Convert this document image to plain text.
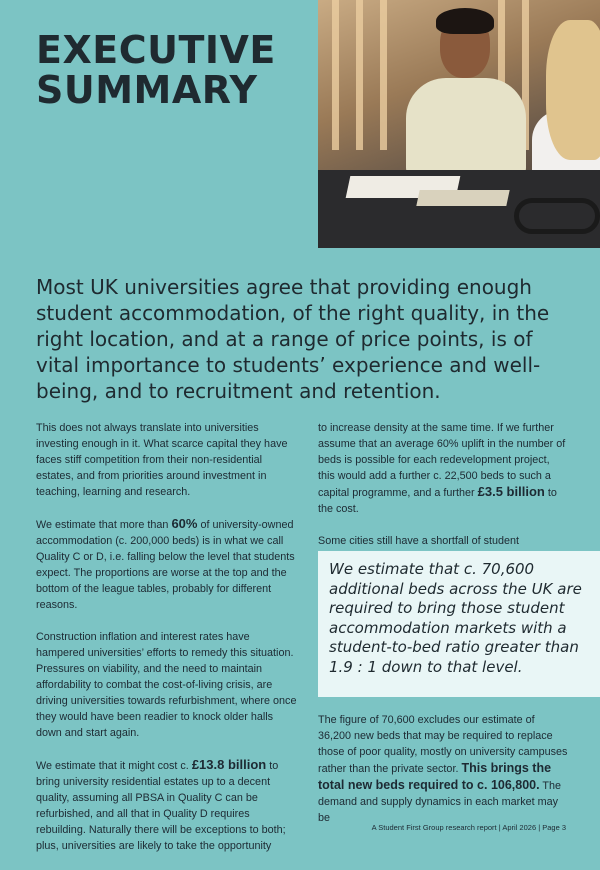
EXECUTIVE
SUMMARY

Most UK universities agree that providing enough student accommodation, of the right quality, in the right location, and at a range of price points, is of vital importance to students’ experience and well-being, and to recruitment and retention.

This does not always translate into universities investing enough in it. What scarce capital they have faces stiff competition from their non-residential estates, and from priorities around investment in teaching, learning and research.

We estimate that more than 60% of university-owned accommodation (c. 200,000 beds) is in what we call Quality C or D, i.e. falling below the level that students expect. The proportions are worse at the top and the bottom of the league tables, probably for different reasons.

Construction inflation and interest rates have hampered universities’ efforts to remedy this situation. Pressures on viability, and the need to maintain affordability to combat the cost-of-living crisis, are driving universities towards refurbishment, where once they would have been readier to knock older halls down and start again.

We estimate that it might cost c. £13.8 billion to bring university residential estates up to a decent quality, assuming all PBSA in Quality C can be refurbished, and all that in Quality D requires rebuilding. Naturally there will be exceptions to both; plus, universities are likely to take the opportunity

to increase density at the same time. If we further assume that an average 60% uplift in the number of beds is possible for each redevelopment project, this would add a further c. 22,500 beds to such a capital programme, and a further £3.5 billion to the cost.

Some cities still have a shortfall of student

We estimate that c. 70,600 additional beds across the UK are required to bring those student accommodation markets with a student-to-bed ratio greater than 1.9 : 1 down to that level.

The figure of 70,600 excludes our estimate of 36,200 new beds that may be required to replace those of poor quality, mostly on university campuses rather than the private sector. This brings the total new beds required to c. 106,800. The demand and supply dynamics in each market may be

A Student First Group research report | April 2026 | Page 3
